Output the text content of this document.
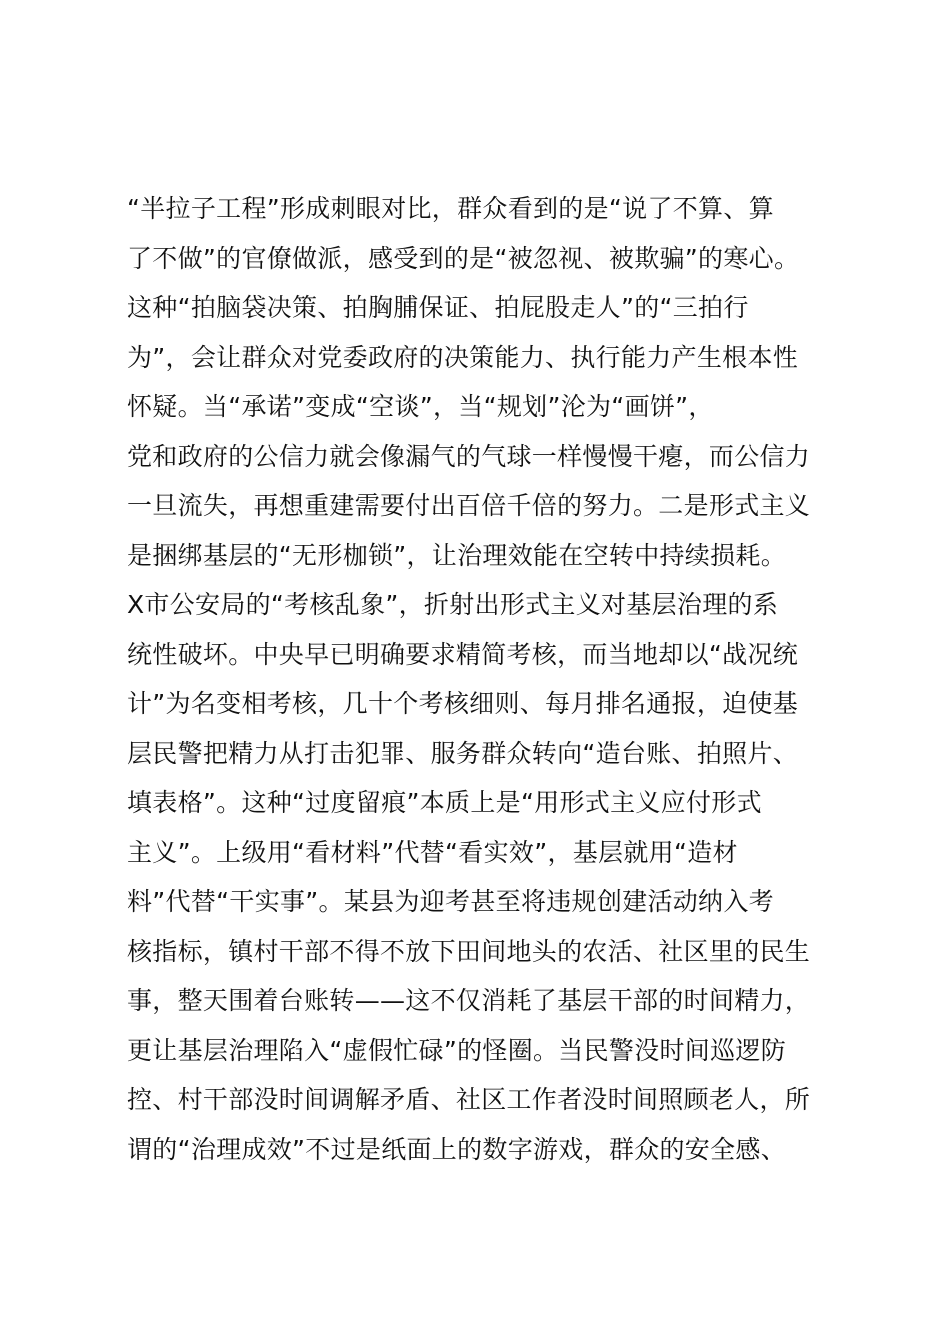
“半拉子工程”形成刺眼对比，群众看到的是“说了不算、算
了不做”的官僚做派，感受到的是“被忽视、被欺骗”的寒心。
这种“拍脑袋决策、拍胸脯保证、拍屁股走人”的“三拍行
为”，会让群众对党委政府的决策能力、执行能力产生根本性
怀疑。当“承诺”变成“空谈”，当“规划”沦为“画饼”，
党和政府的公信力就会像漏气的气球一样慢慢干瘪，而公信力
一旦流失，再想重建需要付出百倍千倍的努力。二是形式主义
是捆绑基层的“无形枷锁”，让治理效能在空转中持续损耗。
X市公安局的“考核乱象”，折射出形式主义对基层治理的系
统性破坏。中央早已明确要求精简考核，而当地却以“战况统
计”为名变相考核，几十个考核细则、每月排名通报，迫使基
层民警把精力从打击犯罪、服务群众转向“造台账、拍照片、
填表格”。这种“过度留痕”本质上是“用形式主义应付形式
主义”。上级用“看材料”代替“看实效”，基层就用“造材
料”代替“干实事”。某县为迎考甚至将违规创建活动纳入考
核指标，镇村干部不得不放下田间地头的农活、社区里的民生
事，整天围着台账转——这不仅消耗了基层干部的时间精力，
更让基层治理陷入“虚假忙碌”的怪圈。当民警没时间巡逻防
控、村干部没时间调解矛盾、社区工作者没时间照顾老人，所
谓的“治理成效”不过是纸面上的数字游戏，群众的安全感、
